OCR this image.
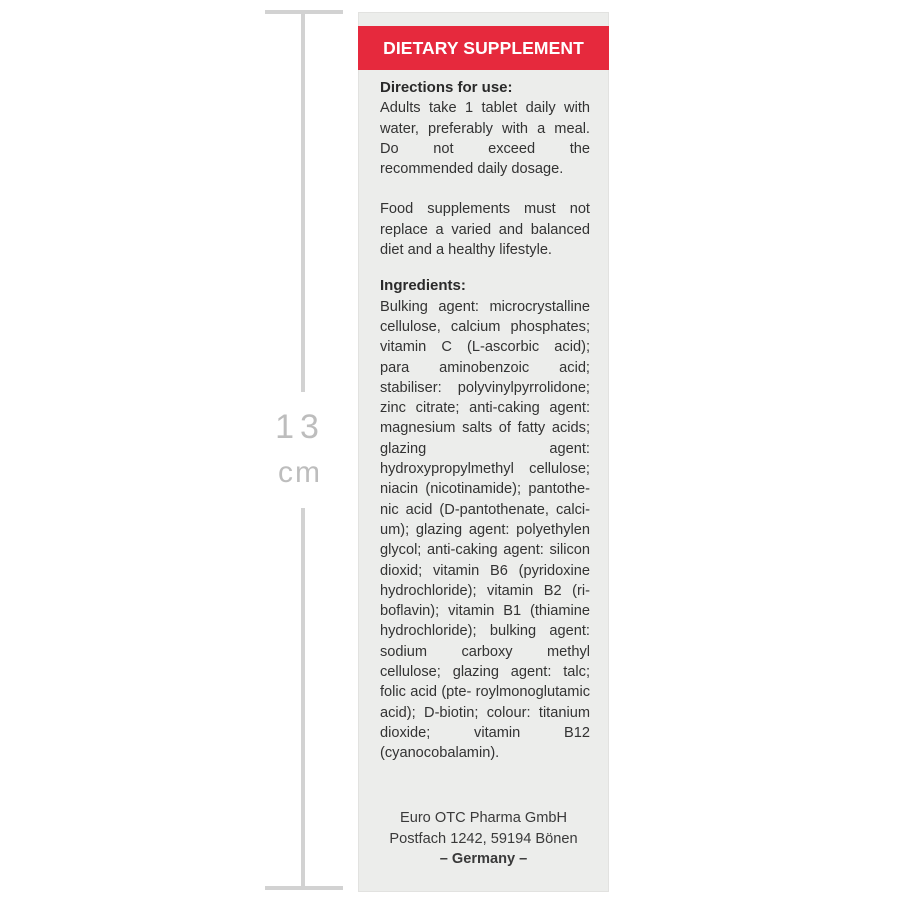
13
cm
DIETARY SUPPLEMENT
Directions for use:

Adults take 1 tablet daily with water, preferably with a meal. Do not exceed the recommended daily dosage.

Food supplements must not replace a varied and balanced diet and a healthy lifestyle.

Ingredients:

Bulking agent: microcrystalline cellulose, calcium phosphates; vitamin C (L-ascorbic acid); para aminobenzoic acid; stabiliser: polyvinylpyrrolidone; zinc citrate; anti-caking agent: magnesium salts of fatty acids; glazing agent: hydroxypropylmethyl cellulose; niacin (nicotinamide); pantothe- nic acid (D-pantothenate, calci- um); glazing agent: polyethylen glycol; anti-caking agent: silicon dioxid; vitamin B6 (pyridoxine hydrochloride); vitamin B2 (ri- boflavin); vitamin B1 (thiamine hydrochloride); bulking agent: sodium carboxy methyl cellulose; glazing agent: talc; folic acid (pte- roylmonoglutamic acid); D-biotin; colour: titanium dioxide; vitamin B12 (cyanocobalamin).

Euro OTC Pharma GmbH
Postfach 1242, 59194 Bönen
– Germany –
